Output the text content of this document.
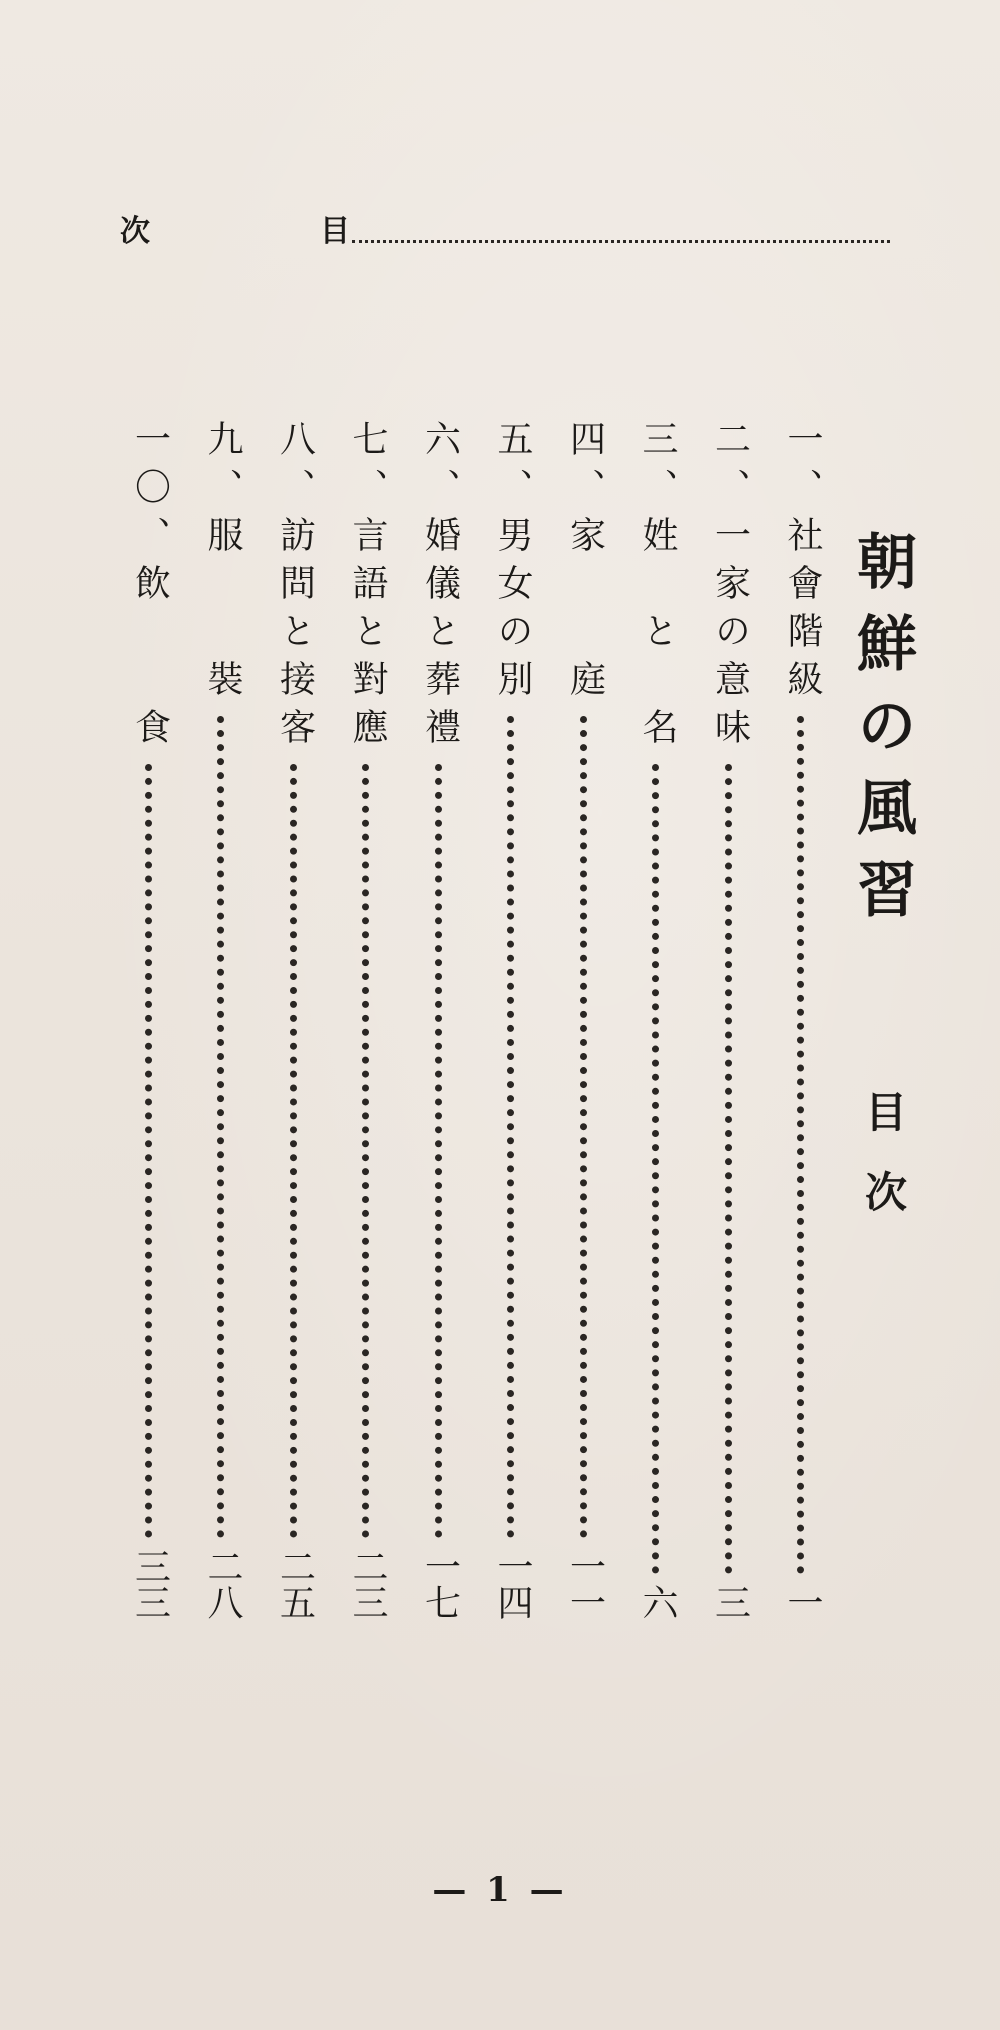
次	目
朝鮮の風習
目次
一、社會階級
一
二、一家の意味
三
三、姓　と　名
六
四、家　　庭
一一
五、男女の別
一四
六、婚儀と葬禮
一七
七、言語と對應
二三
八、訪問と接客
二五
九、服　　裝
二八
一〇、飲　　食
三三
— 1 —
